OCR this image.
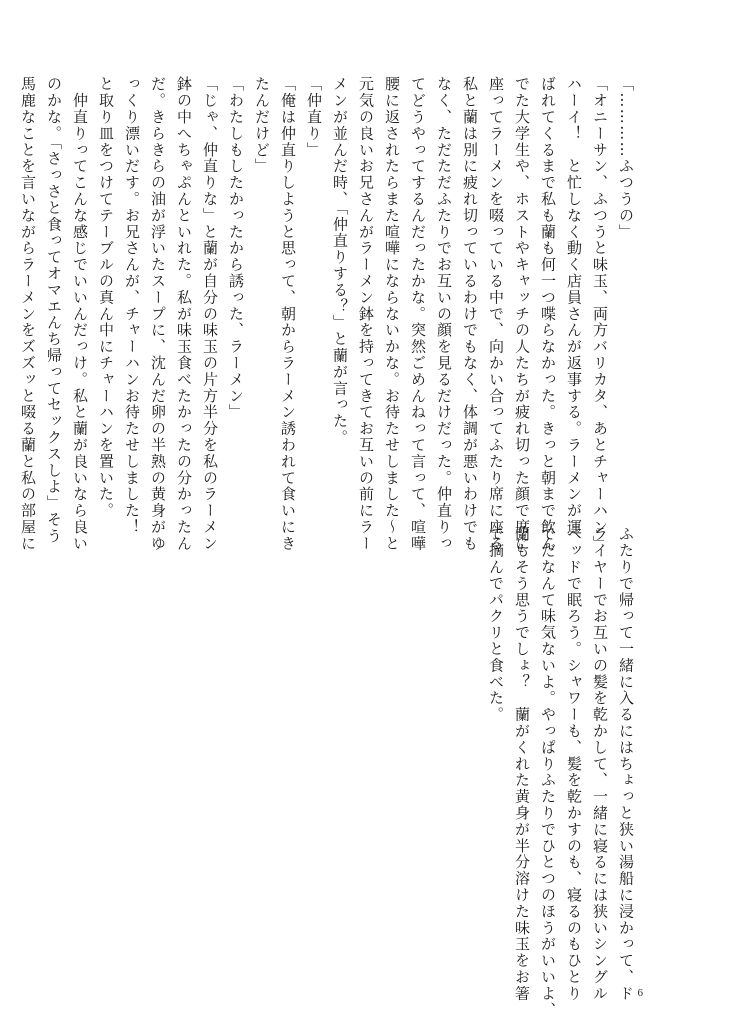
「…………ふつうの」

「オニーサン、ふつうと味玉、両方バリカタ、あとチャーハン」

ハーイ！　と忙しなく動く店員さんが返事する。ラーメンが運

ばれてくるまで私も蘭も何一つ喋らなかった。きっと朝まで飲ん

でた大学生や、ホストやキャッチの人たちが疲れ切った顔で席に

座ってラーメンを啜っている中で、向かい合ってふたり席に座る

私と蘭は別に疲れ切っているわけでもなく、体調が悪いわけでも

なく、ただただふたりでお互いの顔を見るだけだった。仲直りっ

てどうやってするんだったかな。突然ごめんねって言って、喧嘩

腰に返されたらまた喧嘩にならないかな。お待たせしました〜と

元気の良いお兄さんがラーメン鉢を持ってきてお互いの前にラー

メンが並んだ時、「仲直りする？」と蘭が言った。

「仲直り」

「俺は仲直りしようと思って、朝からラーメン誘われて食いにき

たんだけど」

「わたしもしたかったから誘った、ラーメン」

「じゃ、仲直りな」と蘭が自分の味玉の片方半分を私のラーメン

鉢の中へちゃぷんといれた。私が味玉食べたかったの分かったん

だ。きらきらの油が浮いたスープに、沈んだ卵の半熟の黄身がゆ

っくり漂いだす。お兄さんが、チャーハンお待たせしました！

と取り皿をつけてテーブルの真ん中にチャーハンを置いた。

　仲直りってこんな感じでいいんだっけ。私と蘭が良いなら良い

のかな。「さっさと食ってオマエんち帰ってセックスしよ」そう

馬鹿なことを言いながらラーメンをズズッと啜る蘭と私の部屋に

ふたりで帰って一緒に入るにはちょっと狭い湯船に浸かって、ド

ライヤーでお互いの髪を乾かして、一緒に寝るには狭いシングル

ベッドで眠ろう。シャワーも、髪を乾かすのも、寝るのもひとり

でだなんて味気ないよ。やっぱりふたりでひとつのほうがいいよ、

蘭もそう思うでしょ？　蘭がくれた黄身が半分溶けた味玉をお箸

で摘んでパクリと食べた。

6
